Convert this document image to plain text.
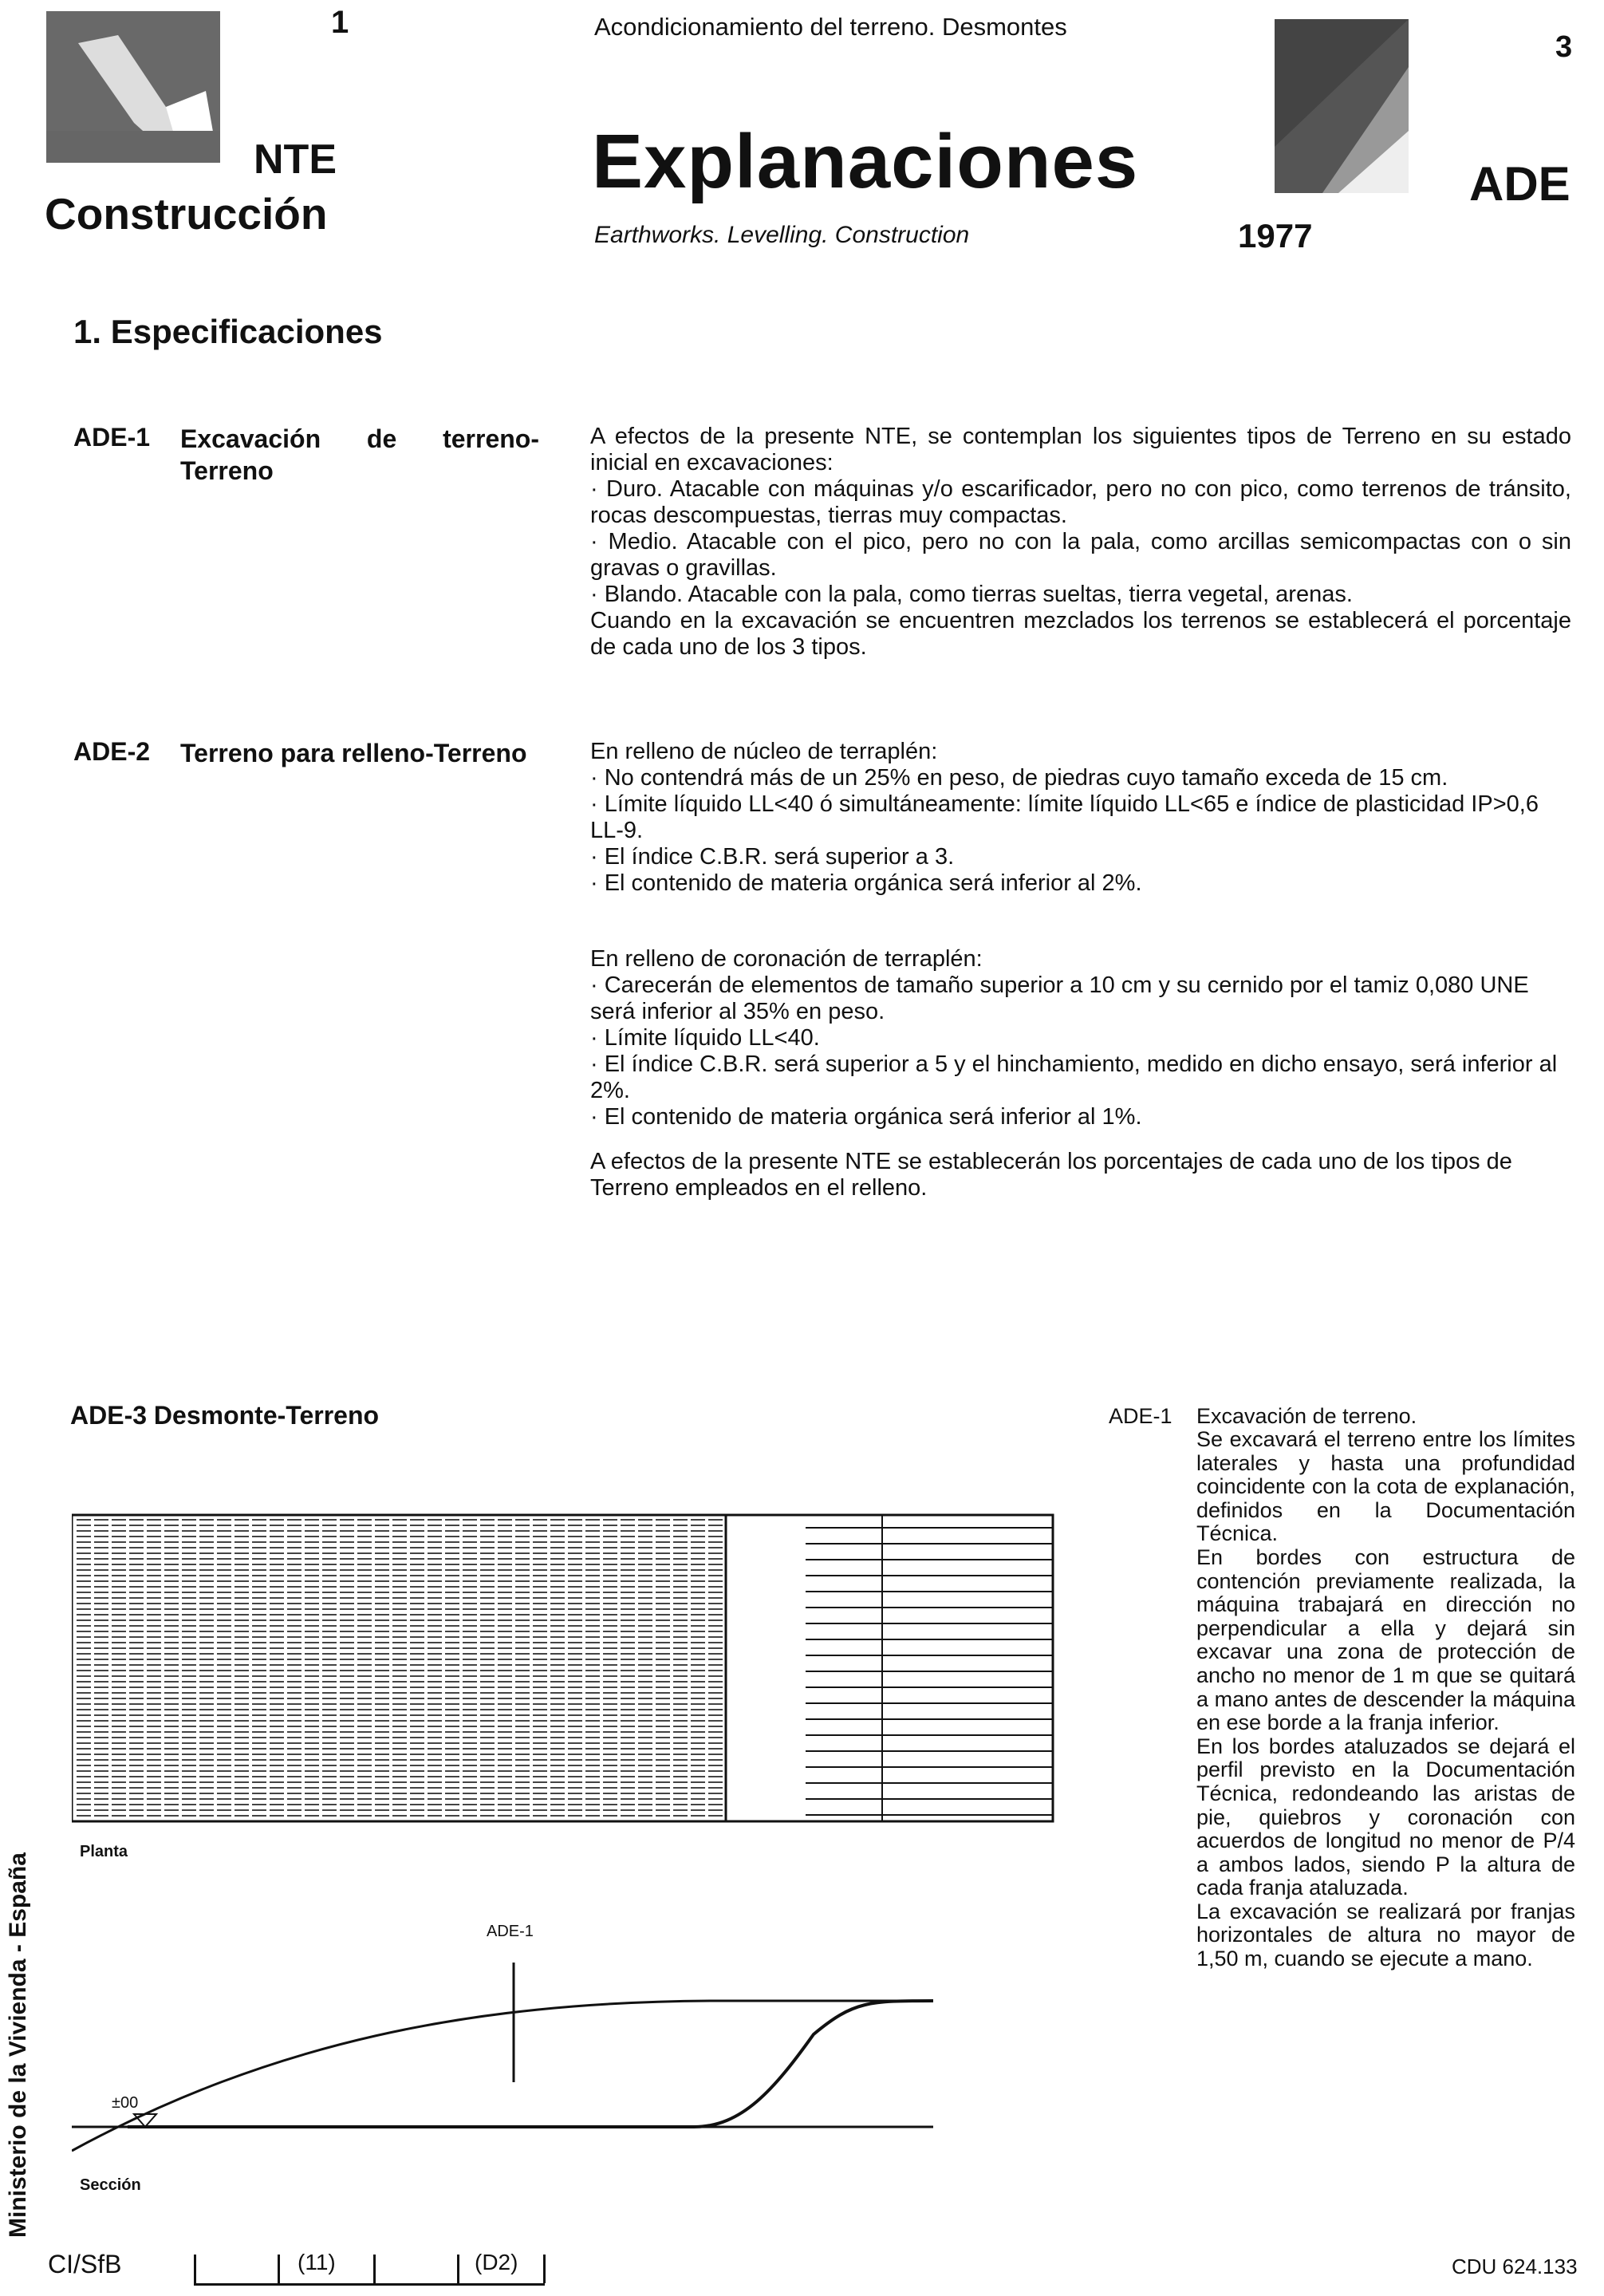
1
NTE
Construcción
Acondicionamiento del terreno. Desmontes
Explanaciones
Earthworks. Levelling. Construction
3
ADE
1977
1. Especificaciones
ADE-1 Excavación de terreno-Terreno
A efectos de la presente NTE, se contemplan los siguientes tipos de Terreno en su estado inicial en excavaciones:
· Duro. Atacable con máquinas y/o escarificador, pero no con pico, como terrenos de tránsito, rocas descompuestas, tierras muy compactas.
· Medio. Atacable con el pico, pero no con la pala, como arcillas semicompactas con o sin gravas o gravillas.
· Blando. Atacable con la pala, como tierras sueltas, tierra vegetal, arenas.
Cuando en la excavación se encuentren mezclados los terrenos se establecerá el porcentaje de cada uno de los 3 tipos.
ADE-2 Terreno para relleno-Terreno	En relleno de núcleo de terraplén:
· No contendrá más de un 25% en peso, de piedras cuyo tamaño exceda de 15 cm.
· Límite líquido LL<40 ó simultáneamente: límite líquido LL<65 e índice de plasticidad IP>0,6 LL-9.
· El índice C.B.R. será superior a 3.
· El contenido de materia orgánica será inferior al 2%.
En relleno de coronación de terraplén:
· Carecerán de elementos de tamaño superior a 10 cm y su cernido por el tamiz 0,080 UNE será inferior al 35% en peso.
· Límite líquido LL<40.
· El índice C.B.R. será superior a 5 y el hinchamiento, medido en dicho ensayo, será inferior al 2%.
· El contenido de materia orgánica será inferior al 1%.
A efectos de la presente NTE se establecerán los porcentajes de cada uno de los tipos de Terreno empleados en el relleno.
ADE-3 Desmonte-Terreno
Planta
ADE-1
±00
Sección
ADE-1 Excavación de terreno.
Se excavará el terreno entre los límites laterales y hasta una profundidad coincidente con la cota de explanación, definidos en la Documentación Técnica.
En bordes con estructura de contención previamente realizada, la máquina trabajará en dirección no perpendicular a ella y dejará sin excavar una zona de protección de ancho no menor de 1 m que se quitará a mano antes de descender la máquina en ese borde a la franja inferior.
En los bordes ataluzados se dejará el perfil previsto en la Documentación Técnica, redondeando las aristas de pie, quiebros y coronación con acuerdos de longitud no menor de P/4 a ambos lados, siendo P la altura de cada franja ataluzada.
La excavación se realizará por franjas horizontales de altura no mayor de 1,50 m, cuando se ejecute a mano.
Ministerio de la Vivienda - España
CI/SfB	(11)	(D2)	CDU 624.133
